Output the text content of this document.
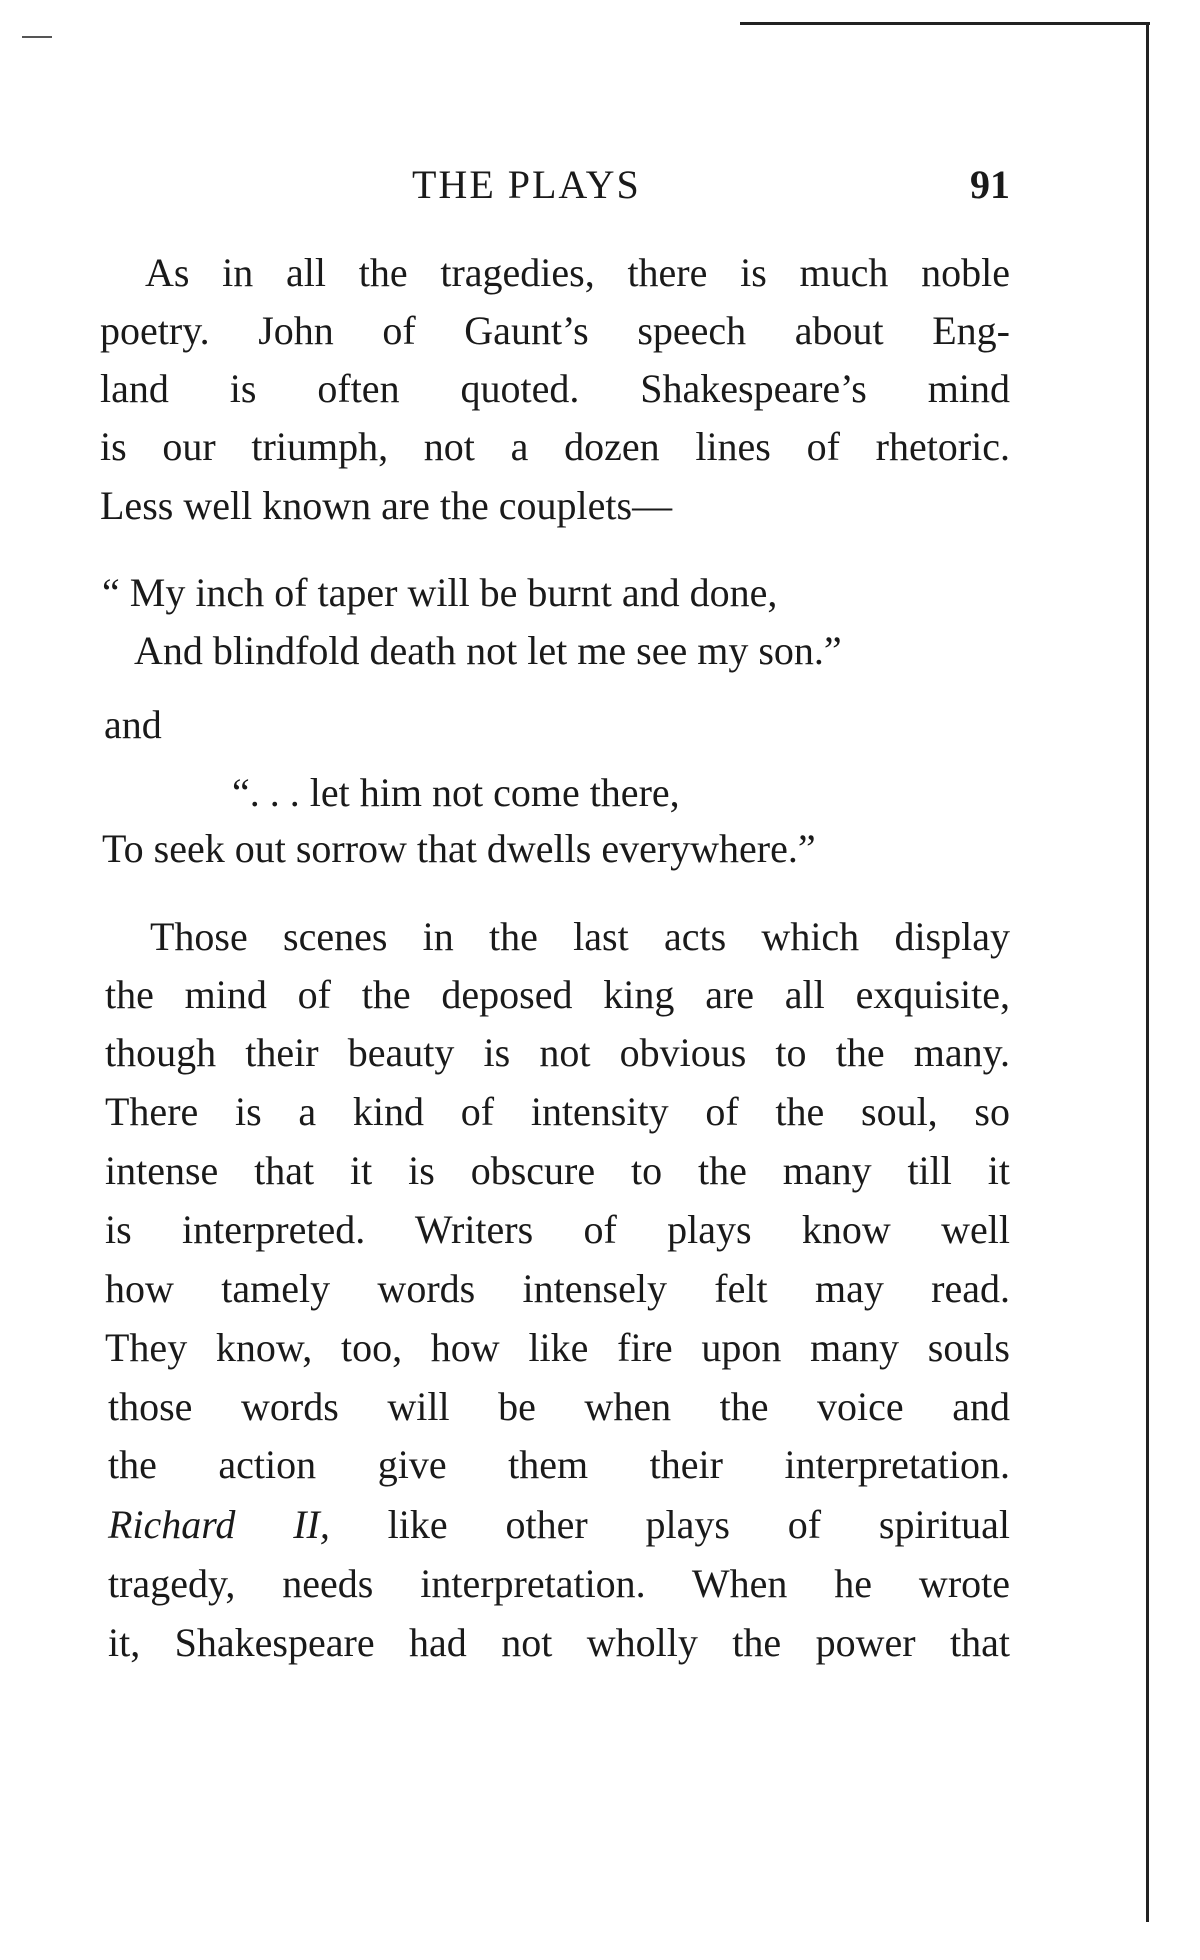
THE PLAYS	91
As in all the tragedies, there is much noble
poetry. John of Gaunt’s speech about Eng-
land is often quoted. Shakespeare’s mind
is our triumph, not a dozen lines of rhetoric.
Less well known are the couplets—
“ My inch of taper will be burnt and done,
And blindfold death not let me see my son.”
and
“. . . let him not come there,
To seek out sorrow that dwells everywhere.”
Those scenes in the last acts which display
the mind of the deposed king are all exquisite,
though their beauty is not obvious to the many.
There is a kind of intensity of the soul, so
intense that it is obscure to the many till it
is interpreted. Writers of plays know well
how tamely words intensely felt may read.
They know, too, how like fire upon many souls
those words will be when the voice and
the action give them their interpretation.
Richard II, like other plays of spiritual
tragedy, needs interpretation. When he wrote
it, Shakespeare had not wholly the power that
